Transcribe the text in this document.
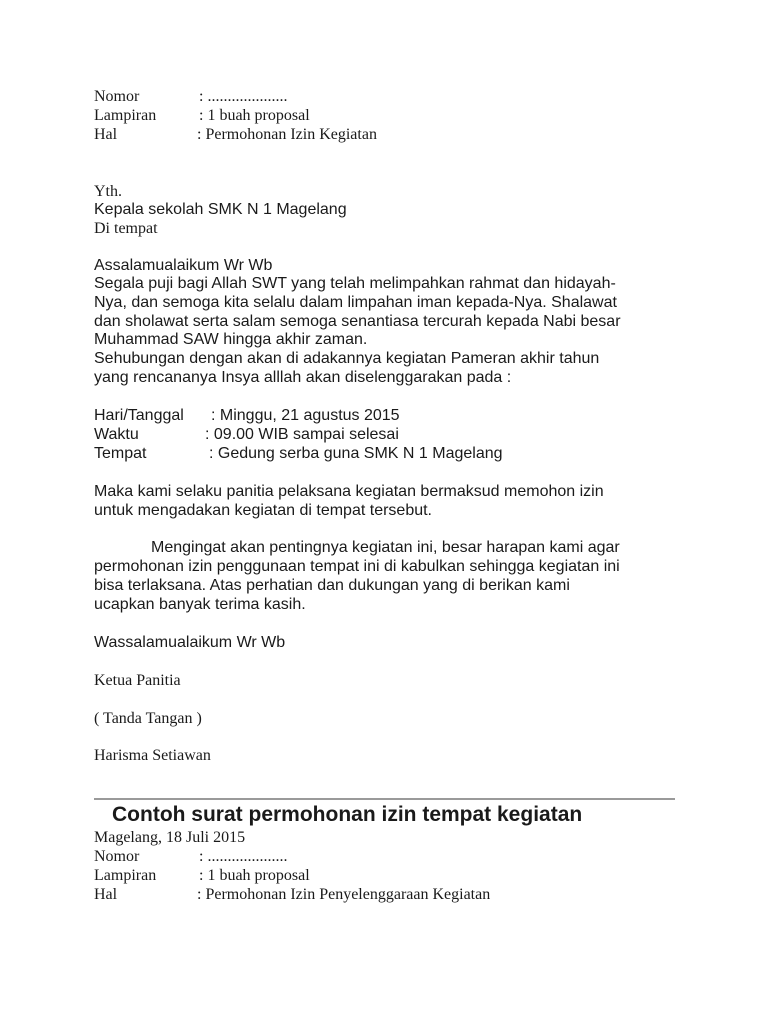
Nomor	: ....................
Lampiran	: 1 buah proposal
Hal	: Permohonan Izin Kegiatan
Yth.
Kepala sekolah SMK N 1 Magelang
Di tempat
Assalamualaikum Wr Wb
Segala puji bagi Allah SWT yang telah melimpahkan rahmat dan hidayah-
Nya, dan semoga kita selalu dalam limpahan iman kepada-Nya. Shalawat
dan sholawat serta salam semoga senantiasa tercurah kepada Nabi besar
Muhammad SAW hingga akhir zaman.
Sehubungan dengan akan di adakannya kegiatan Pameran akhir tahun
yang rencananya Insya alllah akan diselenggarakan pada :
Hari/Tanggal : Minggu, 21 agustus 2015
Waktu	: 09.00 WIB sampai selesai
Tempat	: Gedung serba guna SMK N 1 Magelang
Maka kami selaku panitia pelaksana kegiatan bermaksud memohon izin
untuk mengadakan kegiatan di tempat tersebut.
Mengingat akan pentingnya kegiatan ini, besar harapan kami agar
permohonan izin penggunaan tempat ini di kabulkan sehingga kegiatan ini
bisa terlaksana. Atas perhatian dan dukungan yang di berikan kami
ucapkan banyak terima kasih.
Wassalamualaikum Wr Wb
Ketua Panitia
( Tanda Tangan )
Harisma Setiawan
Contoh surat permohonan izin tempat kegiatan
Magelang, 18 Juli 2015
Nomor	: ....................
Lampiran	: 1 buah proposal
Hal	: Permohonan Izin Penyelenggaraan Kegiatan
